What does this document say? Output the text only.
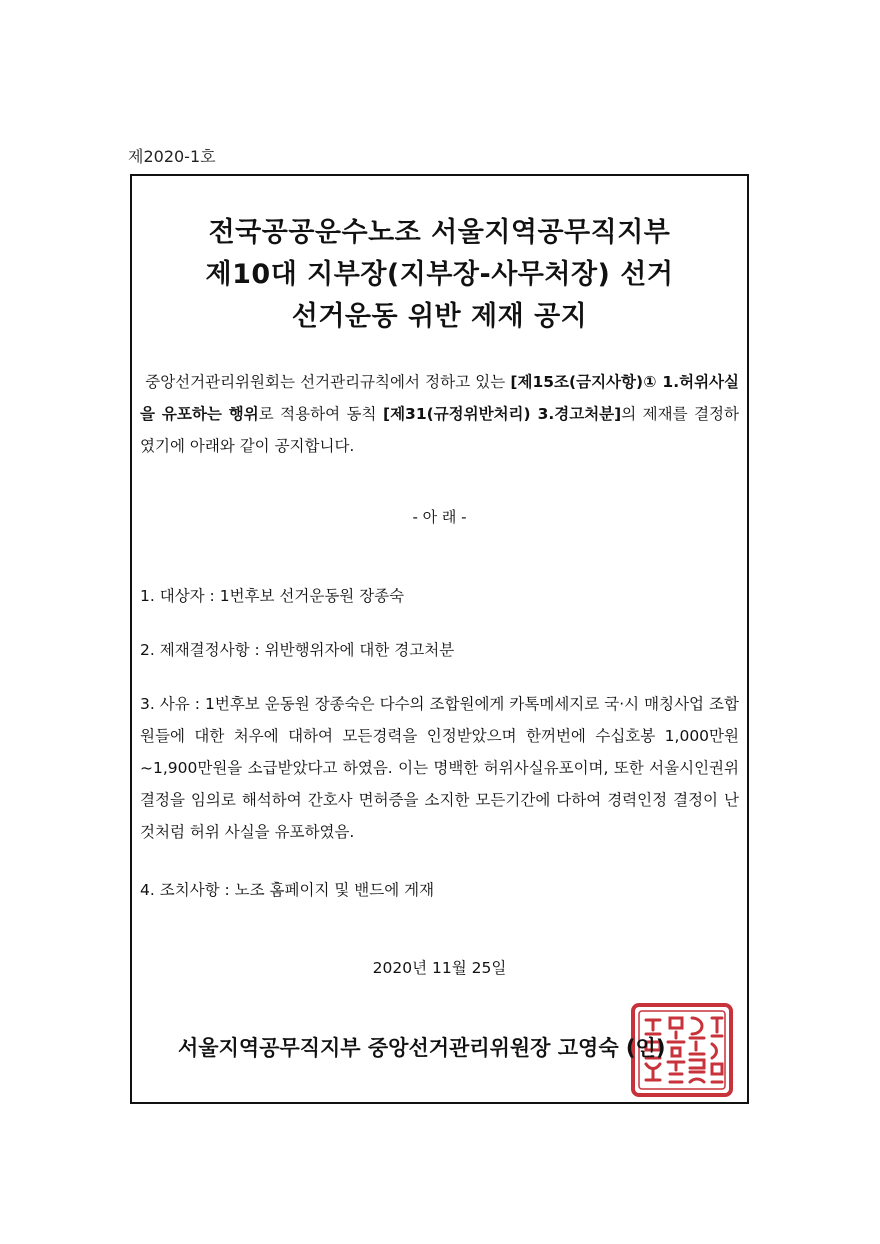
제2020-1호
전국공공운수노조 서울지역공무직지부
제10대 지부장(지부장-사무처장) 선거
선거운동 위반 제재 공지
중앙선거관리위원회는 선거관리규칙에서 정하고 있는 [제15조(금지사항)① 1.허위사실을 유포하는 행위로 적용하여 동칙 [제31(규정위반처리) 3.경고처분]의 제재를 결정하였기에 아래와 같이 공지합니다.
- 아 래 -
1. 대상자 : 1번후보 선거운동원 장종숙
2. 제재결정사항 : 위반행위자에 대한 경고처분
3. 사유 : 1번후보 운동원 장종숙은 다수의 조합원에게 카톡메세지로 국·시 매칭사업 조합원들에 대한 처우에 대하여 모든경력을 인정받았으며 한꺼번에 수십호봉 1,000만원~1,900만원을 소급받았다고 하였음. 이는 명백한 허위사실유포이며, 또한 서울시인권위 결정을 임의로 해석하여 간호사 면허증을 소지한 모든기간에 다하여 경력인정 결정이 난 것처럼 허위 사실을 유포하였음.
4. 조치사항 : 노조 홈페이지 및 밴드에 게재
2020년 11월 25일
서울지역공무직지부 중앙선거관리위원장 고영숙 (인)
